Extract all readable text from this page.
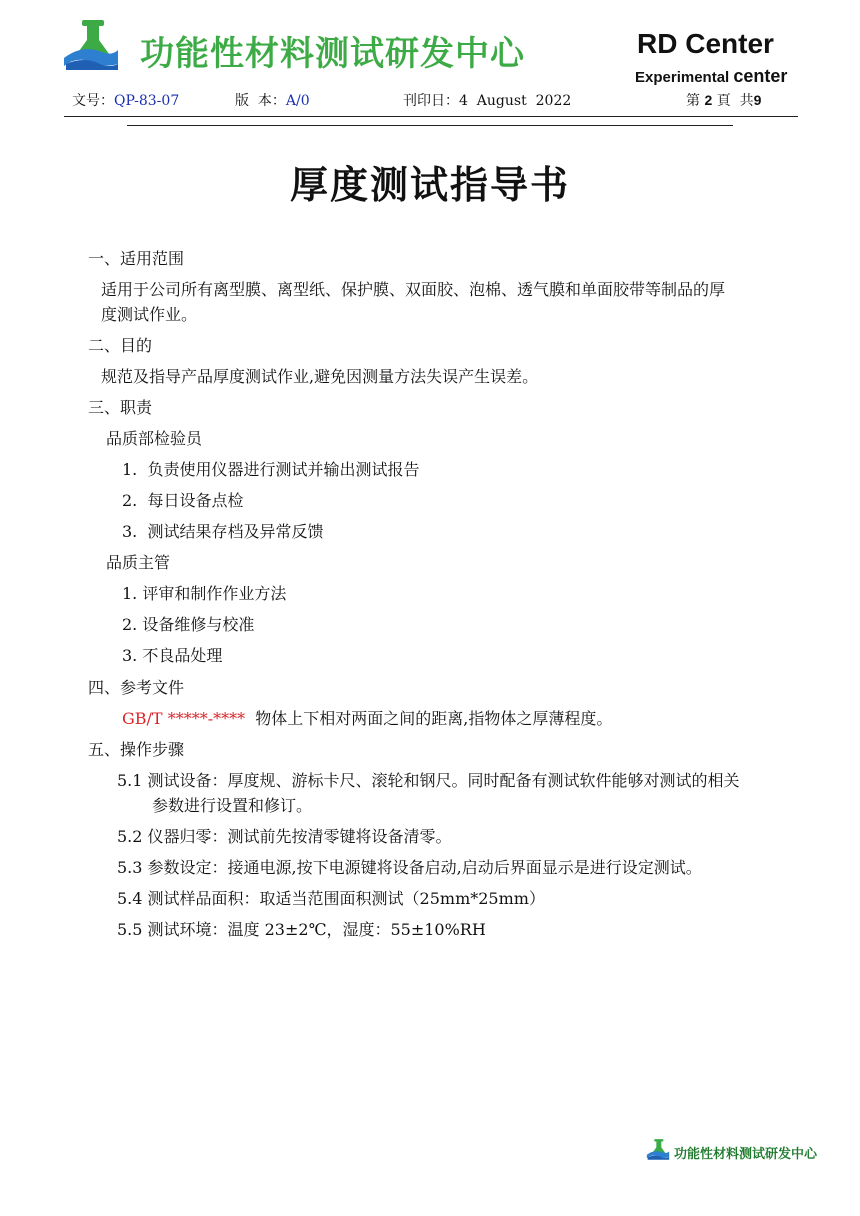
功能性材料测试研发中心	RD Center
Experimental center
文号：QP-83-07	版  本：A/0	刊印日：4  August  2022	第 2 頁  共9
厚度测试指导书
一、适用范围
适用于公司所有离型膜、离型纸、保护膜、双面胶、泡棉、透气膜和单面胶带等制品的厚
度测试作业。
二、目的
规范及指导产品厚度测试作业,避免因测量方法失误产生误差。
三、职责
品质部检验员
1.  负责使用仪器进行测试并输出测试报告
2.  每日设备点检
3.  测试结果存档及异常反馈
品质主管
1. 评审和制作作业方法
2. 设备维修与校准
3. 不良品处理
四、参考文件
GB/T *****-**** 物体上下相对两面之间的距离,指物体之厚薄程度。
五、操作步骤
5.1 测试设备：厚度规、游标卡尺、滚轮和钢尺。同时配备有测试软件能够对测试的相关
参数进行设置和修订。
5.2 仪器归零：测试前先按清零键将设备清零。
5.3 参数设定：接通电源,按下电源键将设备启动,启动后界面显示是进行设定测试。
5.4 测试样品面积：取适当范围面积测试（25mm*25mm）
5.5 测试环境：温度 23±2℃，湿度：55±10%RH
功能性材料测试研发中心
